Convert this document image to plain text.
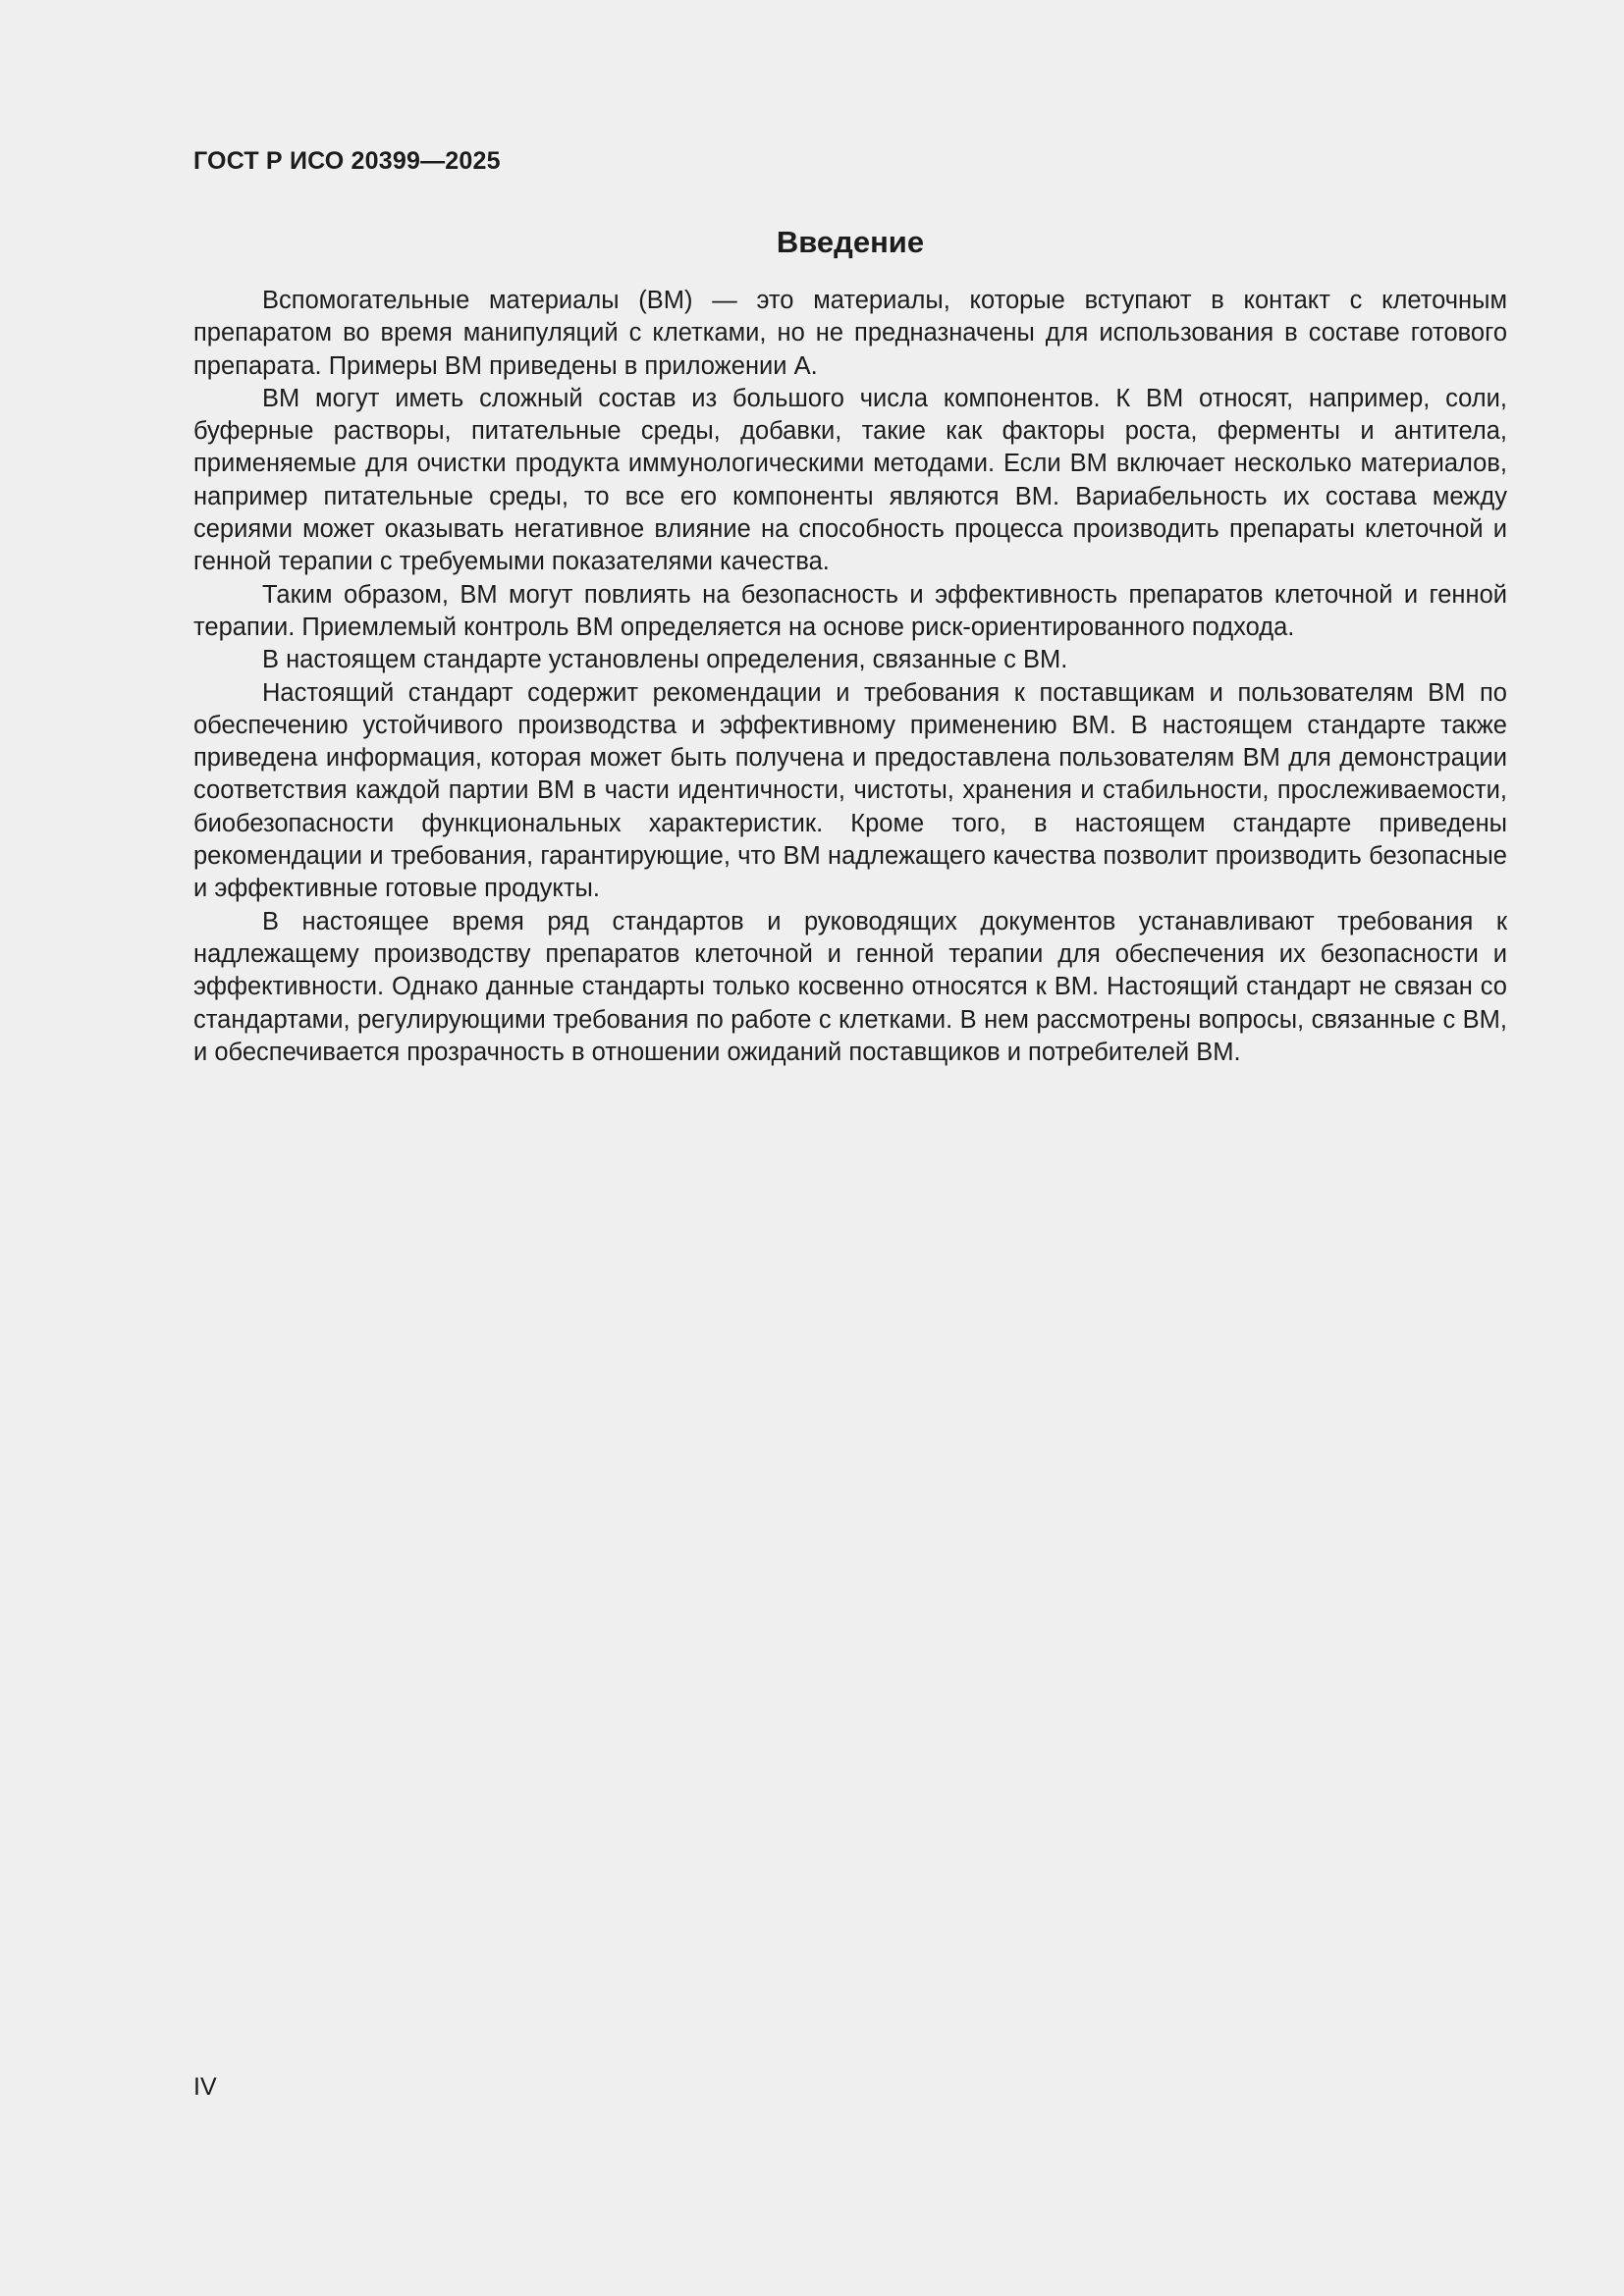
ГОСТ Р ИСО 20399—2025
Введение

Вспомогательные материалы (ВМ) — это материалы, которые вступают в контакт с клеточным препаратом во время манипуляций с клетками, но не предназначены для использования в составе готового препарата. Примеры ВМ приведены в приложении А.

ВМ могут иметь сложный состав из большого числа компонентов. К ВМ относят, например, соли, буферные растворы, питательные среды, добавки, такие как факторы роста, ферменты и антитела, применяемые для очистки продукта иммунологическими методами. Если ВМ включает несколько материалов, например питательные среды, то все его компоненты являются ВМ. Вариабельность их состава между сериями может оказывать негативное влияние на способность процесса производить препараты клеточной и генной терапии с требуемыми показателями качества.

Таким образом, ВМ могут повлиять на безопасность и эффективность препаратов клеточной и генной терапии. Приемлемый контроль ВМ определяется на основе риск-ориентированного подхода.

В настоящем стандарте установлены определения, связанные с ВМ.

Настоящий стандарт содержит рекомендации и требования к поставщикам и пользователям ВМ по обеспечению устойчивого производства и эффективному применению ВМ. В настоящем стандарте также приведена информация, которая может быть получена и предоставлена пользователям ВМ для демонстрации соответствия каждой партии ВМ в части идентичности, чистоты, хранения и стабильности, прослеживаемости, биобезопасности функциональных характеристик. Кроме того, в настоящем стандарте приведены рекомендации и требования, гарантирующие, что ВМ надлежащего качества позволит производить безопасные и эффективные готовые продукты.

В настоящее время ряд стандартов и руководящих документов устанавливают требования к надлежащему производству препаратов клеточной и генной терапии для обеспечения их безопасности и эффективности. Однако данные стандарты только косвенно относятся к ВМ. Настоящий стандарт не связан со стандартами, регулирующими требования по работе с клетками. В нем рассмотрены вопросы, связанные с ВМ, и обеспечивается прозрачность в отношении ожиданий поставщиков и потребителей ВМ.

IV
